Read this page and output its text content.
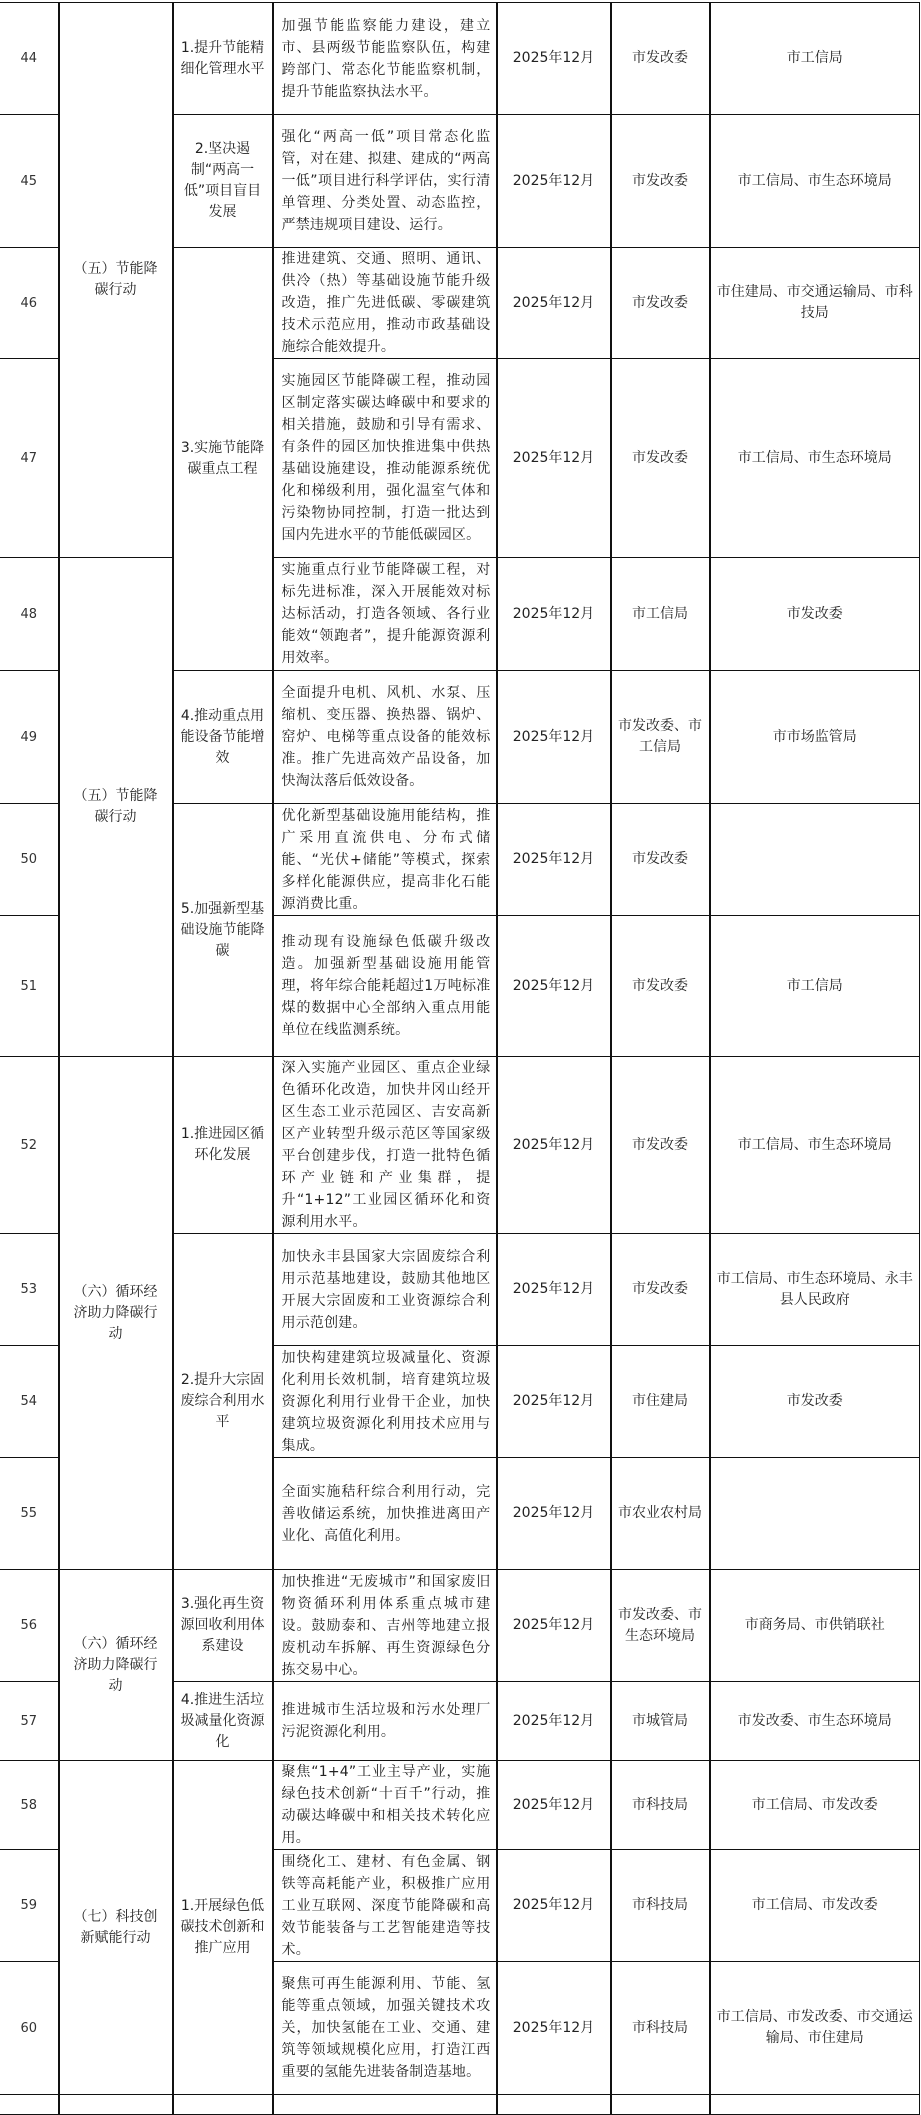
44	（五）节能降碳行动	1.提升节能精细化管理水平	加强节能监察能力建设，建立市、县两级节能监察队伍，构建跨部门、常态化节能监察机制，提升节能监察执法水平。	2025年12月	市发改委	市工信局
45		2.坚决遏制“两高一低”项目盲目发展	强化“两高一低”项目常态化监管，对在建、拟建、建成的“两高一低”项目进行科学评估，实行清单管理、分类处置、动态监控，严禁违规项目建设、运行。	2025年12月	市发改委	市工信局、市生态环境局
46		3.实施节能降碳重点工程	推进建筑、交通、照明、通讯、供冷（热）等基础设施节能升级改造，推广先进低碳、零碳建筑技术示范应用，推动市政基础设施综合能效提升。	2025年12月	市发改委	市住建局、市交通运输局、市科技局
47			实施园区节能降碳工程，推动园区制定落实碳达峰碳中和要求的相关措施，鼓励和引导有需求、有条件的园区加快推进集中供热基础设施建设，推动能源系统优化和梯级利用，强化温室气体和污染物协同控制，打造一批达到国内先进水平的节能低碳园区。	2025年12月	市发改委	市工信局、市生态环境局
48	（五）节能降碳行动		实施重点行业节能降碳工程，对标先进标准，深入开展能效对标达标活动，打造各领域、各行业能效“领跑者”，提升能源资源利用效率。	2025年12月	市工信局	市发改委
49		4.推动重点用能设备节能增效	全面提升电机、风机、水泵、压缩机、变压器、换热器、锅炉、窑炉、电梯等重点设备的能效标准。推广先进高效产品设备，加快淘汰落后低效设备。	2025年12月	市发改委、市工信局	市市场监管局
50		5.加强新型基础设施节能降碳	优化新型基础设施用能结构，推广采用直流供电、分布式储能、“光伏+储能”等模式，探索多样化能源供应，提高非化石能源消费比重。	2025年12月	市发改委	
51			推动现有设施绿色低碳升级改造。加强新型基础设施用能管理，将年综合能耗超过1万吨标准煤的数据中心全部纳入重点用能单位在线监测系统。	2025年12月	市发改委	市工信局
52	（六）循环经济助力降碳行动	1.推进园区循环化发展	深入实施产业园区、重点企业绿色循环化改造，加快井冈山经开区生态工业示范园区、吉安高新区产业转型升级示范区等国家级平台创建步伐，打造一批特色循环产业链和产业集群，提升“1+12”工业园区循环化和资源利用水平。	2025年12月	市发改委	市工信局、市生态环境局
53		2.提升大宗固废综合利用水平	加快永丰县国家大宗固废综合利用示范基地建设，鼓励其他地区开展大宗固废和工业资源综合利用示范创建。	2025年12月	市发改委	市工信局、市生态环境局、永丰县人民政府
54			加快构建建筑垃圾减量化、资源化利用长效机制，培育建筑垃圾资源化利用行业骨干企业，加快建筑垃圾资源化利用技术应用与集成。	2025年12月	市住建局	市发改委
55			全面实施秸秆综合利用行动，完善收储运系统，加快推进离田产业化、高值化利用。	2025年12月	市农业农村局	
56	（六）循环经济助力降碳行动	3.强化再生资源回收利用体系建设	加快推进“无废城市”和国家废旧物资循环利用体系重点城市建设。鼓励泰和、吉州等地建立报废机动车拆解、再生资源绿色分拣交易中心。	2025年12月	市发改委、市生态环境局	市商务局、市供销联社
57		4.推进生活垃圾减量化资源化	推进城市生活垃圾和污水处理厂污泥资源化利用。	2025年12月	市城管局	市发改委、市生态环境局
58	（七）科技创新赋能行动	1.开展绿色低碳技术创新和推广应用	聚焦“1+4”工业主导产业，实施绿色技术创新“十百千”行动，推动碳达峰碳中和相关技术转化应用。	2025年12月	市科技局	市工信局、市发改委
59			围绕化工、建材、有色金属、钢铁等高耗能产业，积极推广应用工业互联网、深度节能降碳和高效节能装备与工艺智能建造等技术。	2025年12月	市科技局	市工信局、市发改委
60			聚焦可再生能源利用、节能、氢能等重点领域，加强关键技术攻关，加快氢能在工业、交通、建筑等领域规模化应用，打造江西重要的氢能先进装备制造基地。	2025年12月	市科技局	市工信局、市发改委、市交通运输局、市住建局
